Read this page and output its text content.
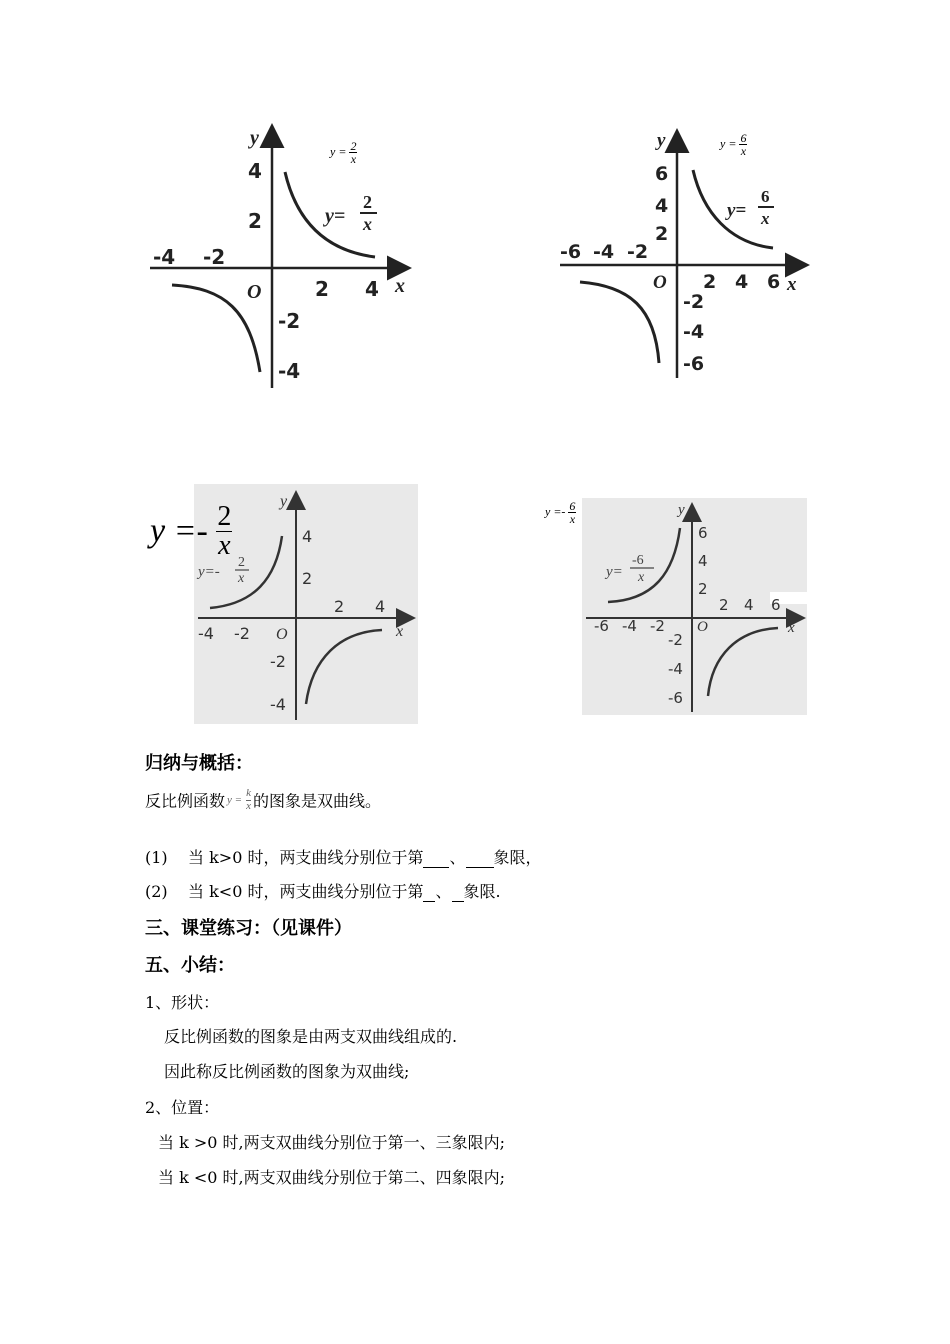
-4 -2
2 4
4
2
-2
-4
O	x
y
y=
2
x
$y = \frac{2}{x}$
-6 -4 -2
2 4 6
6
4
2
-2
-4
-6
O	x
y
y=
6
x
$y = \frac{6}{x}$
-4 -2
2 4
4
2
-2
-4
O	x
y
y=-
2
x
$y =- \frac{2}{x}$
-6 -4 -2
2 4 6
6
4
2
-2
-4
-6
O	x
y
y=
-6
x
$y =- \frac{6}{x}$
归纳与概括：
反比例函数 $y = \frac{k}{x}$ 的图象是双曲线。
(1) 当 k>0 时，两支曲线分别位于第 、 象限，
(2) 当 k<0 时，两支曲线分别位于第 、 象限.
三、课堂练习：（见课件）
五、小结：
1、形状：
反比例函数的图象是由两支双曲线组成的.
因此称反比例函数的图象为双曲线;
2、位置：
当 k >0 时,两支双曲线分别位于第一、三象限内;
当 k <0 时,两支双曲线分别位于第二、四象限内;
